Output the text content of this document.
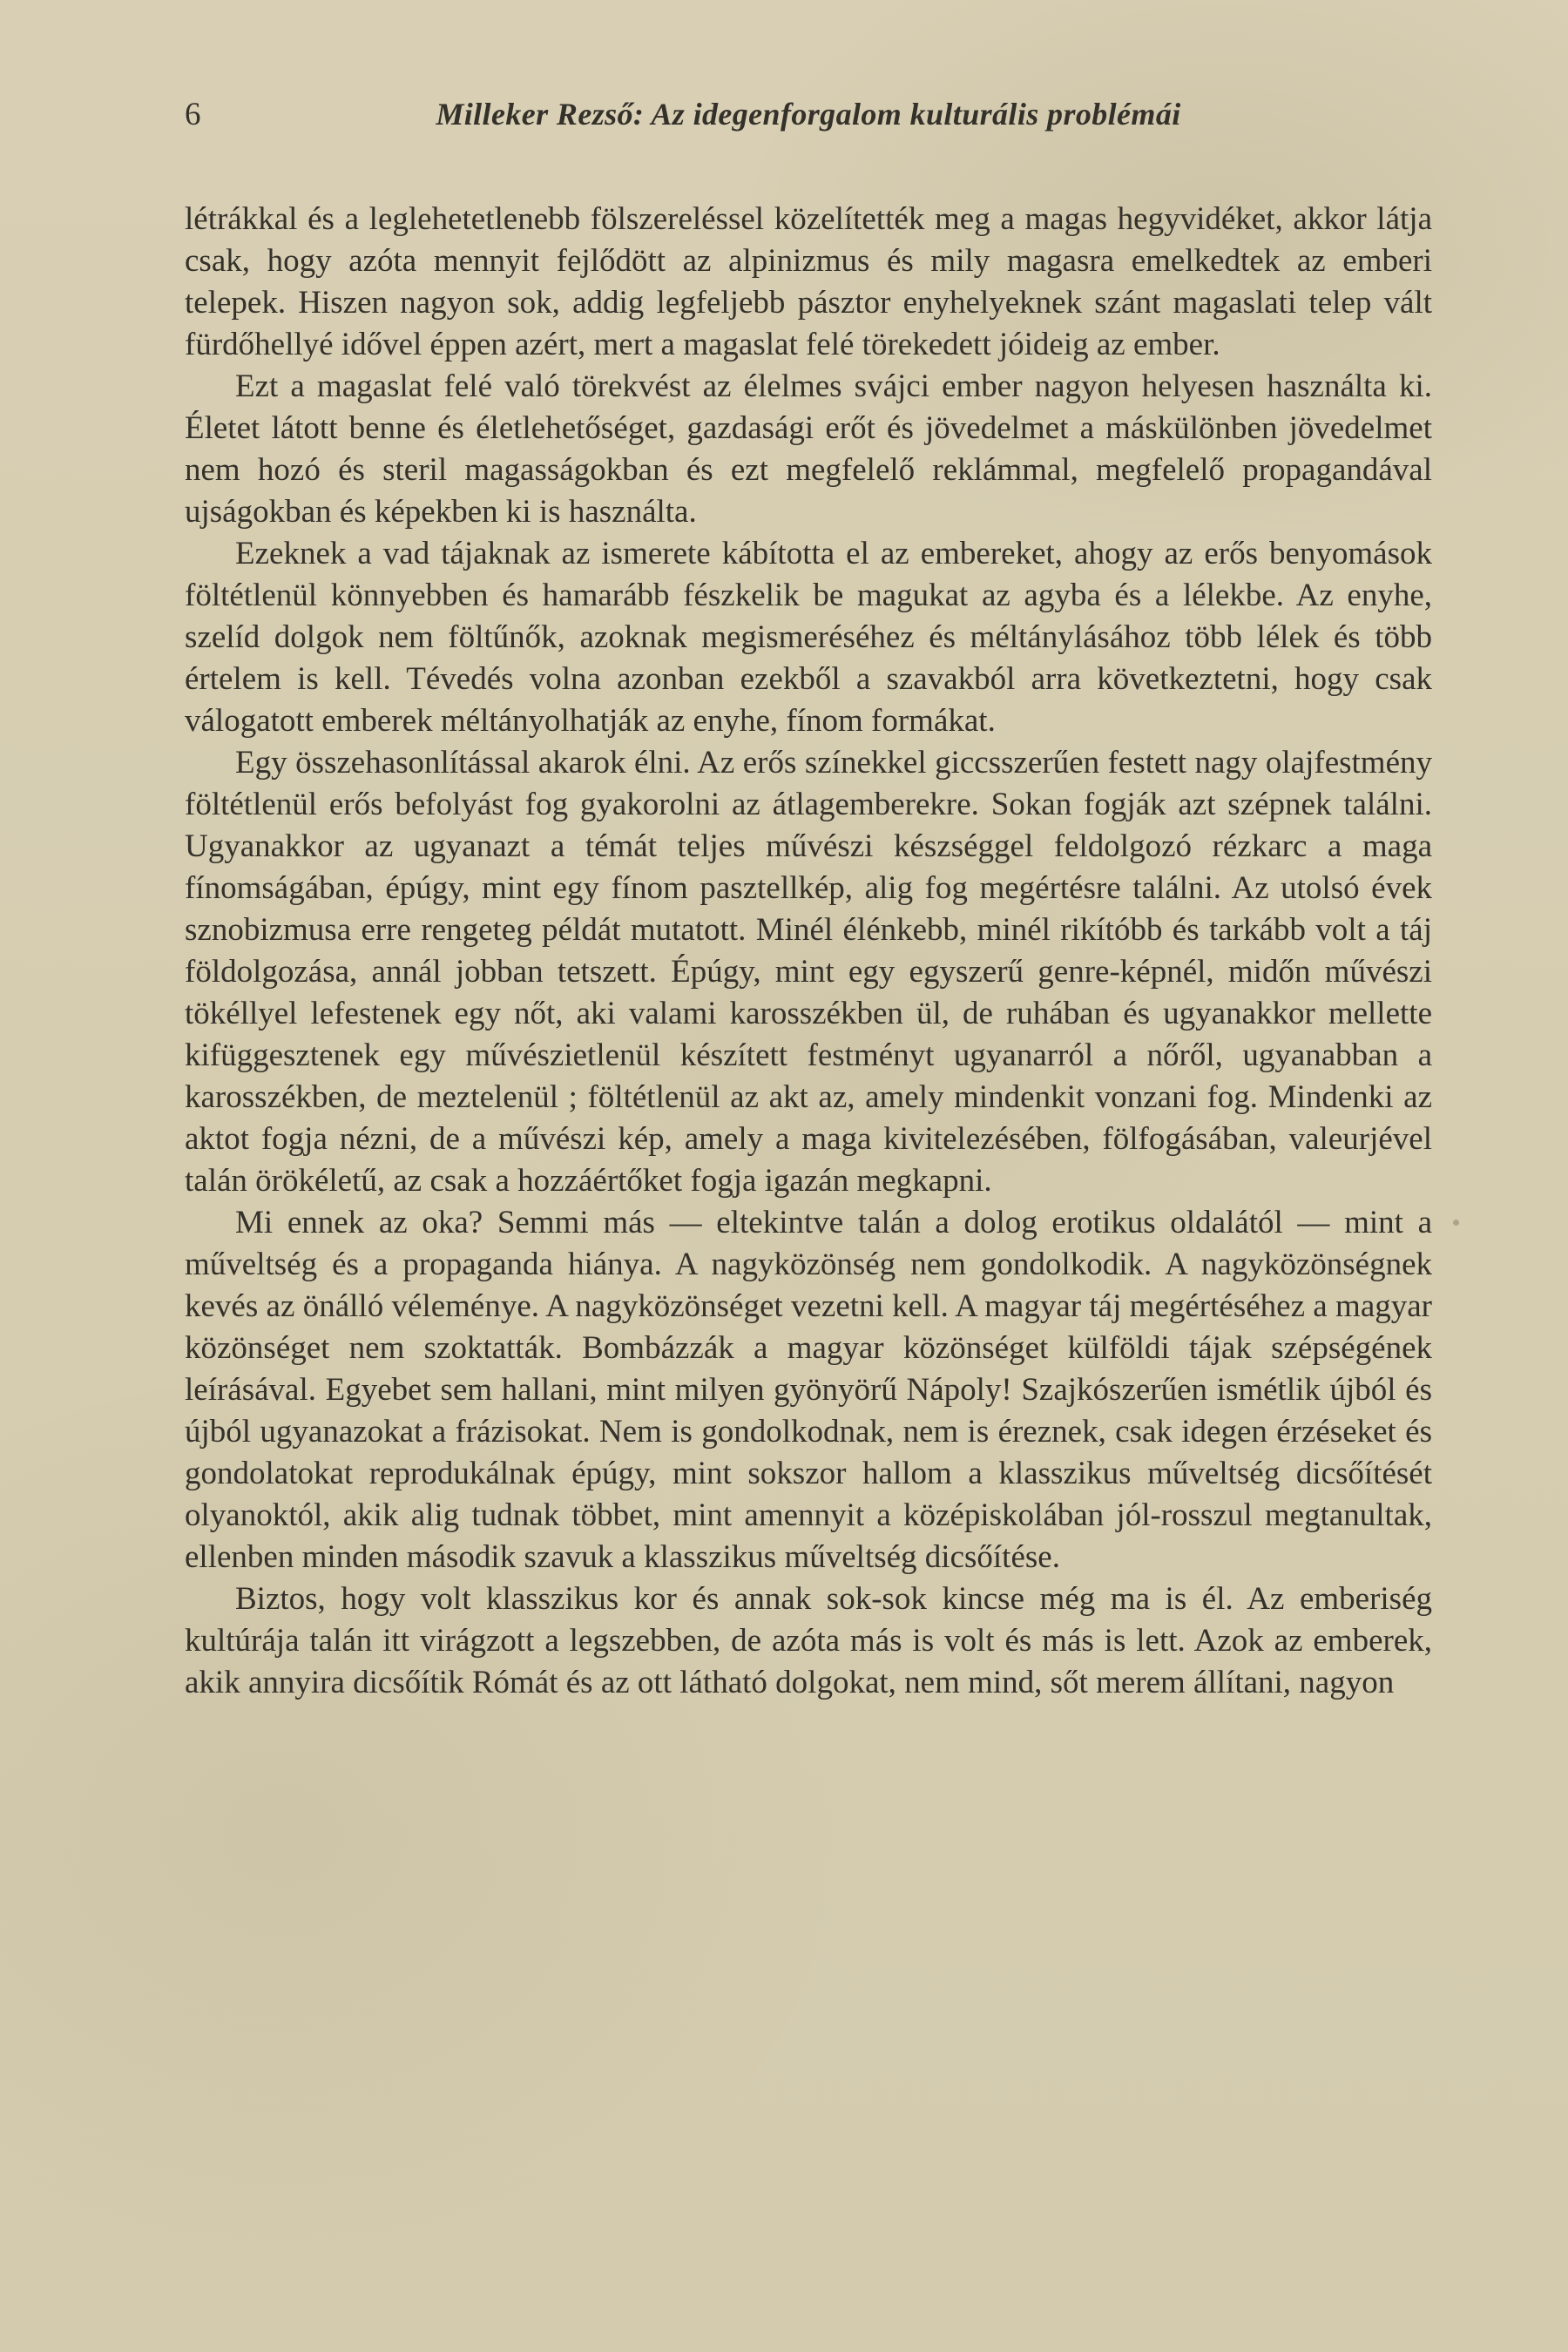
6	Milleker Rezső: Az idegenforgalom kulturális problémái

létrákkal és a leglehetetlenebb fölszereléssel közelítették meg a magas hegyvidéket, akkor látja csak, hogy azóta mennyit fejlődött az alpinizmus és mily magasra emelkedtek az emberi telepek. Hiszen nagyon sok, addig legfeljebb pásztor enyhelyeknek szánt magaslati telep vált fürdőhellyé idővel éppen azért, mert a magaslat felé törekedett jóideig az ember.

Ezt a magaslat felé való törekvést az élelmes svájci ember nagyon helyesen használta ki. Életet látott benne és életlehetőséget, gazdasági erőt és jövedelmet a máskülönben jövedelmet nem hozó és steril magasságokban és ezt megfelelő reklámmal, megfelelő propagandával ujságokban és képekben ki is használta.

Ezeknek a vad tájaknak az ismerete kábította el az embereket, ahogy az erős benyomások föltétlenül könnyebben és hamarább fészkelik be magukat az agyba és a lélekbe. Az enyhe, szelíd dolgok nem föltűnők, azoknak megismeréséhez és méltánylásához több lélek és több értelem is kell. Tévedés volna azonban ezekből a szavakból arra következtetni, hogy csak válogatott emberek méltányolhatják az enyhe, fínom formákat.

Egy összehasonlítással akarok élni. Az erős színekkel giccsszerűen festett nagy olajfestmény föltétlenül erős befolyást fog gyakorolni az átlagemberekre. Sokan fogják azt szépnek találni. Ugyanakkor az ugyanazt a témát teljes művészi készséggel feldolgozó rézkarc a maga fínomságában, épúgy, mint egy fínom pasztellkép, alig fog megértésre találni. Az utolsó évek sznobizmusa erre rengeteg példát mutatott. Minél élénkebb, minél rikítóbb és tarkább volt a táj földolgozása, annál jobban tetszett. Épúgy, mint egy egyszerű genre-képnél, midőn művészi tökéllyel lefestenek egy nőt, aki valami karosszékben ül, de ruhában és ugyanakkor mellette kifüggesztenek egy művészietlenül készített festményt ugyanarról a nőről, ugyanabban a karosszékben, de meztelenül ; föltétlenül az akt az, amely mindenkit vonzani fog. Mindenki az aktot fogja nézni, de a művészi kép, amely a maga kivitelezésében, fölfogásában, valeurjével talán örökéletű, az csak a hozzáértőket fogja igazán megkapni.

Mi ennek az oka? Semmi más — eltekintve talán a dolog erotikus oldalától — mint a műveltség és a propaganda hiánya. A nagyközönség nem gondolkodik. A nagyközönségnek kevés az önálló véleménye. A nagyközönséget vezetni kell. A magyar táj megértéséhez a magyar közönséget nem szoktatták. Bombázzák a magyar közönséget külföldi tájak szépségének leírásával. Egyebet sem hallani, mint milyen gyönyörű Nápoly! Szajkószerűen ismétlik újból és újból ugyanazokat a frázisokat. Nem is gondolkodnak, nem is éreznek, csak idegen érzéseket és gondolatokat reprodukálnak épúgy, mint sokszor hallom a klasszikus műveltség dicsőítését olyanoktól, akik alig tudnak többet, mint amennyit a középiskolában jól-rosszul megtanultak, ellenben minden második szavuk a klasszikus műveltség dicsőítése.

Biztos, hogy volt klasszikus kor és annak sok-sok kincse még ma is él. Az emberiség kultúrája talán itt virágzott a legszebben, de azóta más is volt és más is lett. Azok az emberek, akik annyira dicsőítik Rómát és az ott látható dolgokat, nem mind, sőt merem állítani, nagyon
